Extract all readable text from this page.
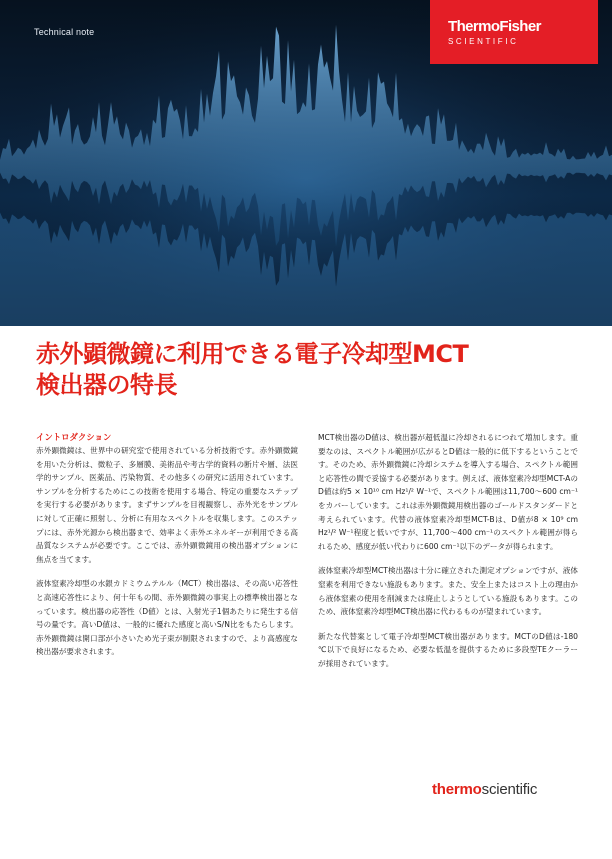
Technical note	ThermoFisher
SCIENTIFIC
赤外顕微鏡に利用できる電子冷却型MCT
検出器の特長
イントロダクション

赤外顕微鏡は、世界中の研究室で使用されている分析技術です。赤外顕微鏡を用いた分析は、微粒子、多層膜、美術品や考古学的資料の断片や層、法医学的サンプル、医薬品、汚染物質、その他多くの研究に活用されています。サンプルを分析するためにこの技術を使用する場合、特定の重要なステップを実行する必要があります。まずサンプルを目視観察し、赤外光をサンプルに対して正確に照射し、分析に有用なスペクトルを収集します。このステップには、赤外光源から検出器まで、効率よく赤外エネルギーが利用できる高品質なシステムが必要です。ここでは、赤外顕微鏡用の検出器オプションに焦点を当てます。

液体窒素冷却型の水銀カドミウムテルル（MCT）検出器は、その高い応答性と高速応答性により、何十年もの間、赤外顕微鏡の事実上の標準検出器となっています。検出器の応答性（D値）とは、入射光子1個あたりに発生する信号の量です。高いD値は、一般的に優れた感度と高いS/N比をもたらします。赤外顕微鏡は開口部が小さいため光子束が制限されますので、より高感度な検出器が要求されます。

MCT検出器のD値は、検出器が超低温に冷却されるにつれて増加します。重要なのは、スペクトル範囲が広がるとD値は一般的に低下するということです。そのため、赤外顕微鏡に冷却システムを導入する場合、スペクトル範囲と応答性の間で妥協する必要があります。例えば、液体窒素冷却型MCT-AのD値は約5 × 10¹⁰ cm Hz¹/² W⁻¹で、スペクトル範囲は11,700～600 cm⁻¹をカバーしています。これは赤外顕微鏡用検出器のゴールドスタンダードと考えられています。代替の液体窒素冷却型MCT-Bは、D値が8 × 10⁹ cm Hz¹/² W⁻¹程度と低いですが、11,700～400 cm⁻¹のスペクトル範囲が得られるため、感度が低い代わりに600 cm⁻¹以下のデータが得られます。

液体窒素冷却型MCT検出器は十分に確立された測定オプションですが、液体窒素を利用できない施設もあります。また、安全上またはコスト上の理由から液体窒素の使用を削減または廃止しようとしている施設もあります。このため、液体窒素冷却型MCT検出器に代わるものが望まれています。

新たな代替案として電子冷却型MCT検出器があります。MCTのD値は-180 ℃以下で良好になるため、必要な低温を提供するために多段型TEクーラーが採用されています。

thermoscientific
